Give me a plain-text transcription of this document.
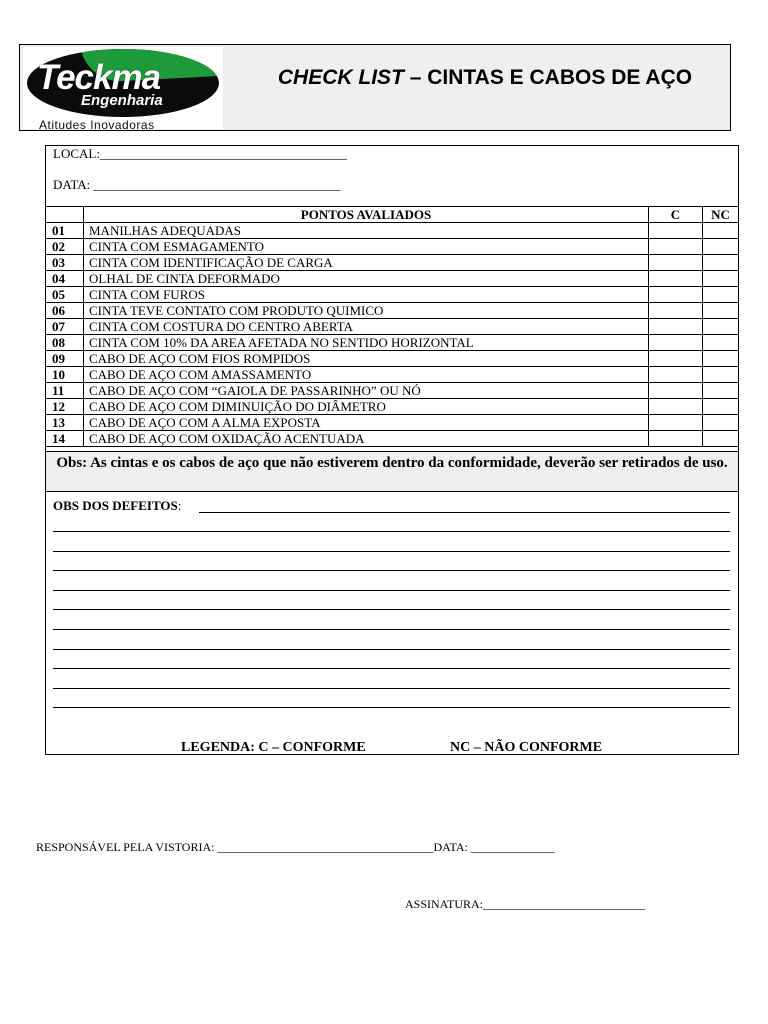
Teckma
Engenharia
Atitudes Inovadoras
CHECK LIST – CINTAS E CABOS DE AÇO
LOCAL:______________________________________
DATA: ______________________________________
	PONTOS AVALIADOS	C	NC
01	MANILHAS ADEQUADAS		
02	CINTA COM ESMAGAMENTO		
03	CINTA COM IDENTIFICAÇÃO DE CARGA		
04	OLHAL DE CINTA DEFORMADO		
05	CINTA COM FUROS		
06	CINTA TEVE CONTATO COM PRODUTO QUIMICO		
07	CINTA COM COSTURA DO CENTRO ABERTA		
08	CINTA COM 10% DA AREA AFETADA NO SENTIDO HORIZONTAL		
09	CABO DE AÇO COM FIOS ROMPIDOS		
10	CABO DE AÇO COM AMASSAMENTO		
11	CABO DE AÇO COM “GAIOLA DE PASSARINHO” OU NÓ		
12	CABO DE AÇO COM DIMINUIÇÃO DO DIÂMETRO		
13	CABO DE AÇO COM A ALMA EXPOSTA		
14	CABO DE AÇO COM OXIDAÇÃO ACENTUADA		
Obs: As cintas e os cabos de aço que não estiverem dentro da conformidade, deverão ser retirados de uso.
OBS DOS DEFEITOS:
LEGENDA: C – CONFORME	NC – NÃO CONFORME
RESPONSÁVEL PELA VISTORIA: ____________________________________DATA: ______________
ASSINATURA:___________________________
